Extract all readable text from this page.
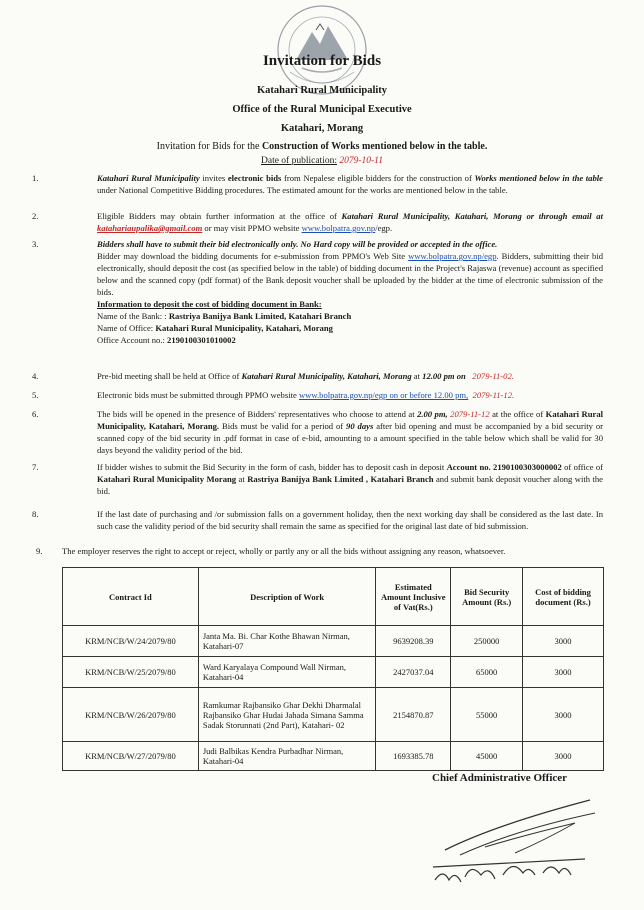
Invitation for Bids
Katahari Rural Municipality
Office of the Rural Municipal Executive
Katahari, Morang
Invitation for Bids for the Construction of Works mentioned below in the table.
Date of publication: 2079-10-11
1.	Katahari Rural Municipality invites electronic bids from Nepalese eligible bidders for the construction of Works mentioned below in the table under National Competitive Bidding procedures. The estimated amount for the works are mentioned below in the table.
2.	Eligible Bidders may obtain further information at the office of Katahari Rural Municipality, Katahari, Morang or through email at katahariaupalika@gmail.com or may visit PPMO website www.bolpatra.gov.np/egp.
3.	Bidders shall have to submit their bid electronically only. No Hard copy will be provided or accepted in the office.
Bidder may download the bidding documents for e-submission from PPMO's Web Site www.bolpatra.gov.np/egp. Bidders, submitting their bid electronically, should deposit the cost (as specified below in the table) of bidding document in the Project's Rajaswa (revenue) account as specified below and the scanned copy (pdf format) of the Bank deposit voucher shall be uploaded by the bidder at the time of electronic submission of the bids.
Information to deposit the cost of bidding document in Bank:
Name of the Bank: : Rastriya Banijya Bank Limited, Katahari Branch
Name of Office: Katahari Rural Municipality, Katahari, Morang
Office Account no.: 2190100301010002
4.	Pre-bid meeting shall be held at Office of Katahari Rural Municipality, Katahari, Morang at 12.00 pm on 2079-11-02.
5.	Electronic bids must be submitted through PPMO website www.bolpatra.gov.np/egp on or before 12.00 pm, 2079-11-12.
6.	The bids will be opened in the presence of Bidders' representatives who choose to attend at 2.00 pm, 2079-11-12 at the office of Katahari Rural Municipality, Katahari, Morang. Bids must be valid for a period of 90 days after bid opening and must be accompanied by a bid security or scanned copy of the bid security in .pdf format in case of e-bid, amounting to a amount specified in the table below which shall be valid for 30 days beyond the validity period of the bid.
7.	If bidder wishes to submit the Bid Security in the form of cash, bidder has to deposit cash in deposit Account no. 2190100303000002 of office of Katahari Rural Municipality Morang at Rastriya Banijya Bank Limited , Katahari Branch and submit bank deposit voucher along with the bid.
8.	If the last date of purchasing and /or submission falls on a government holiday, then the next working day shall be considered as the last date. In such case the validity period of the bid security shall remain the same as specified for the original last date of bid submission.
9. The employer reserves the right to accept or reject, wholly or partly any or all the bids without assigning any reason, whatsoever.
Contract Id	Description of Work	Estimated Amount Inclusive of Vat(Rs.)	Bid Security Amount (Rs.)	Cost of bidding document (Rs.)
KRM/NCB/W/24/2079/80	Janta Ma. Bi. Char Kothe Bhawan Nirman, Katahari-07	9639208.39	250000	3000
KRM/NCB/W/25/2079/80	Ward Karyalaya Compound Wall Nirman, Katahari-04	2427037.04	65000	3000
KRM/NCB/W/26/2079/80	Ramkumar Rajbansiko Ghar Dekhi Dharmalal Rajbansiko Ghar Hudai Jahada Simana Samma Sadak Storunnati (2nd Part), Katahari- 02	2154870.87	55000	3000
KRM/NCB/W/27/2079/80	Judi Balbikas Kendra Purbadhar Nirman, Katahari-04	1693385.78	45000	3000
Chief Administrative Officer
